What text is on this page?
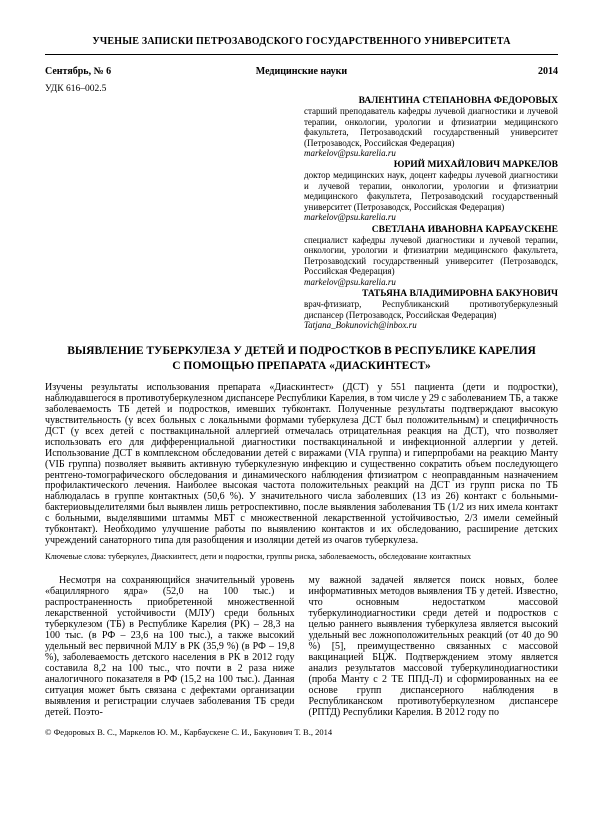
УЧЕНЫЕ ЗАПИСКИ ПЕТРОЗАВОДСКОГО ГОСУДАРСТВЕННОГО УНИВЕРСИТЕТА
Сентябрь, № 6	Медицинские науки	2014
УДК 616–002.5
ВАЛЕНТИНА СТЕПАНОВНА ФЕДОРОВЫХ
старший преподаватель кафедры лучевой диагностики и лучевой терапии, онкологии, урологии и фтизиатрии медицинского факультета, Петрозаводский государственный университет (Петрозаводск, Российская Федерация)
markelov@psu.karelia.ru
ЮРИЙ МИХАЙЛОВИЧ МАРКЕЛОВ
доктор медицинских наук, доцент кафедры лучевой диагностики и лучевой терапии, онкологии, урологии и фтизиатрии медицинского факультета, Петрозаводский государственный университет (Петрозаводск, Российская Федерация)
markelov@psu.karelia.ru
СВЕТЛАНА ИВАНОВНА КАРБАУСКЕНЕ
специалист кафедры лучевой диагностики и лучевой терапии, онкологии, урологии и фтизиатрии медицинского факультета, Петрозаводский государственный университет (Петрозаводск, Российская Федерация)
markelov@psu.karelia.ru
ТАТЬЯНА ВЛАДИМИРОВНА БАКУНОВИЧ
врач-фтизиатр, Республиканский противотуберкулезный диспансер (Петрозаводск, Российская Федерация)
Tatjana_Bokunovich@inbox.ru
ВЫЯВЛЕНИЕ ТУБЕРКУЛЕЗА У ДЕТЕЙ И ПОДРОСТКОВ В РЕСПУБЛИКЕ КАРЕЛИЯ
С ПОМОЩЬЮ ПРЕПАРАТА «ДИАСКИНТЕСТ»

Изучены результаты использования препарата «Диаскинтест» (ДСТ) у 551 пациента (дети и подростки), наблюдавшегося в противотуберкулезном диспансере Республики Карелия, в том числе у 29 с заболеванием ТБ, а также заболеваемость ТБ детей и подростков, имевших тубконтакт. Полученные результаты подтверждают высокую чувствительность (у всех больных с локальными формами туберкулеза ДСТ был положительным) и специфичность ДСТ (у всех детей с поствакцинальной аллергией отмечалась отрицательная реакция на ДСТ), что позволяет использовать его для дифференциальной диагностики поствакцинальной и инфекционной аллергии у детей. Использование ДСТ в комплексном обследовании детей с виражами (VIА группа) и гиперпробами на реакцию Манту (VIБ группа) позволяет выявить активную туберкулезную инфекцию и существенно сократить объем последующего рентгено-томографического обследования и динамического наблюдения фтизиатром с неоправданным назначением профилактического лечения. Наиболее высокая частота положительных реакций на ДСТ из групп риска по ТБ наблюдалась в группе контактных (50,6 %). У значительного числа заболевших (13 из 26) контакт с больными-бактериовыделителями был выявлен лишь ретроспективно, после выявления заболевания ТБ (1/2 из них имела контакт с больными, выделявшими штаммы МБТ с множественной лекарственной устойчивостью, 2/3 имели семейный тубконтакт). Необходимо улучшение работы по выявлению контактов и их обследованию, расширение детских учреждений санаторного типа для разобщения и изоляции детей из очагов туберкулеза.

Ключевые слова: туберкулез, Диаскинтест, дети и подростки, группы риска, заболеваемость, обследование контактных

Несмотря на сохраняющийся значительный уровень «бациллярного ядра» (52,0 на 100 тыс.) и распространенность приобретенной множественной лекарственной устойчивости (МЛУ) среди больных туберкулезом (ТБ) в Республике Карелия (РК) – 28,3 на 100 тыс. (в РФ – 23,6 на 100 тыс.), а также высокий удельный вес первичной МЛУ в РК (35,9 %) (в РФ – 19,8 %), заболеваемость детского населения в РК в 2012 году составила 8,2 на 100 тыс., что почти в 2 раза ниже аналогичного показателя в РФ (15,2 на 100 тыс.). Данная ситуация может быть связана с дефектами организации выявления и регистрации случаев заболевания ТБ среди детей. Поэто-
му важной задачей является поиск новых, более информативных методов выявления ТБ у детей. Известно, что основным недостатком массовой туберкулинодиагностики среди детей и подростков с целью раннего выявления туберкулеза является высокий удельный вес ложноположительных реакций (от 40 до 90 %) [5], преимущественно связанных с массовой вакцинацией БЦЖ. Подтверждением этому является анализ результатов массовой туберкулинодиагностики (проба Манту с 2 ТЕ ППД-Л) и сформированных на ее основе групп диспансерного наблюдения в Республиканском противотуберкулезном диспансере (РПТД) Республики Карелия. В 2012 году по
© Федоровых В. С., Маркелов Ю. М., Карбаускене С. И., Бакунович Т. В., 2014
